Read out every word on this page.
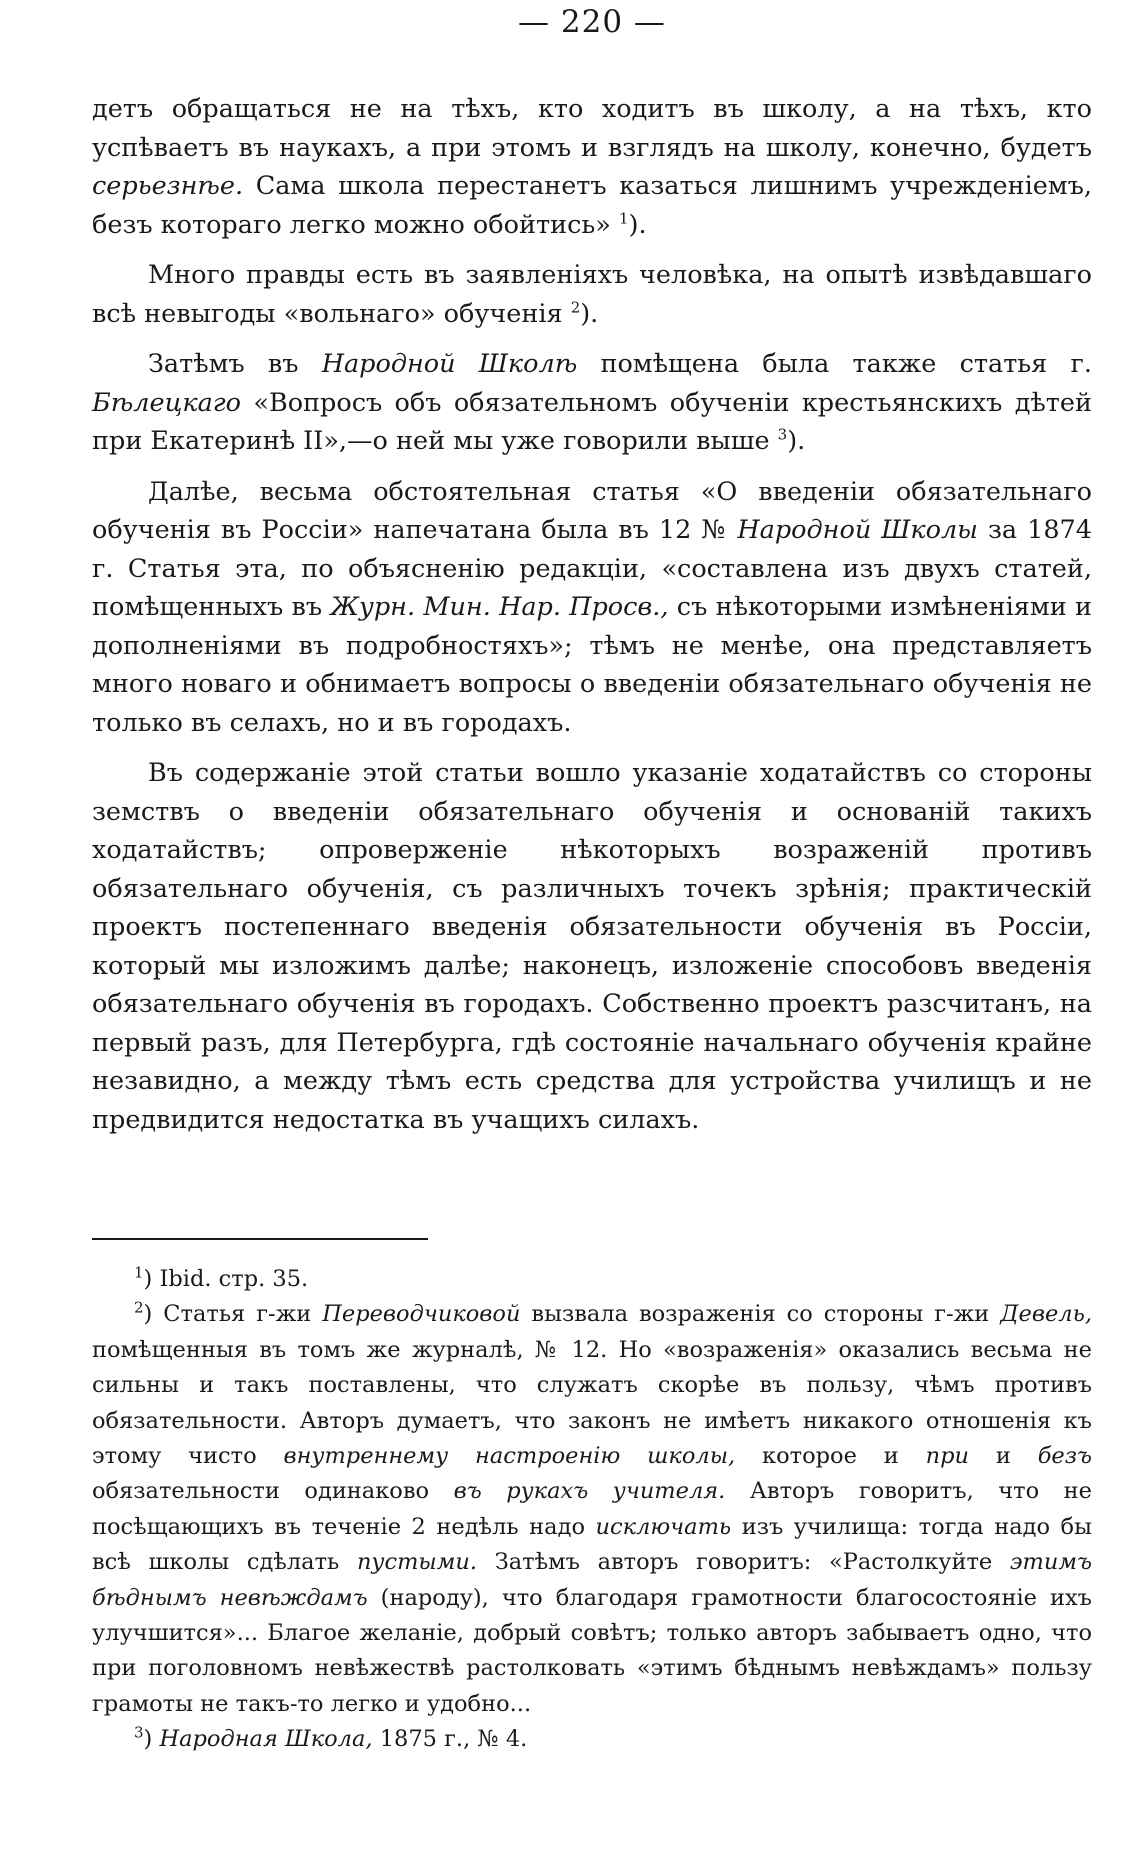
— 220 —

детъ обращаться не на тѣхъ, кто ходитъ въ школу, а на тѣхъ, кто успѣваетъ въ наукахъ, а при этомъ и взглядъ на школу, конечно, будетъ серьезнѣе. Сама школа перестанетъ казаться лишнимъ учрежденіемъ, безъ котораго легко можно обойтись» $^1$).

Много правды есть въ заявленіяхъ человѣка, на опытѣ извѣдавшаго всѣ невыгоды «вольнаго» обученія $^2$).

Затѣмъ въ Народной Школѣ помѣщена была также статья г. Бѣлецкаго «Вопросъ объ обязательномъ обученіи крестьянскихъ дѣтей при Екатеринѣ II»,—о ней мы уже говорили выше $^3$).

Далѣе, весьма обстоятельная статья «О введеніи обязательнаго обученія въ Россіи» напечатана была въ 12 № Народной Школы за 1874 г. Статья эта, по объясненію редакціи, «составлена изъ двухъ статей, помѣщенныхъ въ Журн. Мин. Нар. Просв., съ нѣкоторыми измѣненіями и дополненіями въ подробностяхъ»; тѣмъ не менѣе, она представляетъ много новаго и обнимаетъ вопросы о введеніи обязательнаго обученія не только въ селахъ, но и въ городахъ.

Въ содержаніе этой статьи вошло указаніе ходатайствъ со стороны земствъ о введеніи обязательнаго обученія и основаній такихъ ходатайствъ; опроверженіе нѣкоторыхъ возраженій противъ обязательнаго обученія, съ различныхъ точекъ зрѣнія; практическій проектъ постепеннаго введенія обязательности обученія въ Россіи, который мы изложимъ далѣе; наконецъ, изложеніе способовъ введенія обязательнаго обученія въ городахъ. Собственно проектъ разсчитанъ, на первый разъ, для Петербурга, гдѣ состояніе начальнаго обученія крайне незавидно, а между тѣмъ есть средства для устройства училищъ и не предвидится недостатка въ учащихъ силахъ.

$^1$) Ibid. стр. 35.

$^2$) Статья г-жи Переводчиковой вызвала возраженія со стороны г-жи Девель, помѣщенныя въ томъ же журналѣ, № 12. Но «возраженія» оказались весьма не сильны и такъ поставлены, что служатъ скорѣе въ пользу, чѣмъ противъ обязательности. Авторъ думаетъ, что законъ не имѣетъ никакого отношенія къ этому чисто внутреннему настроенію школы, которое и при и безъ обязательности одинаково въ рукахъ учителя. Авторъ говоритъ, что не посѣщающихъ въ теченіе 2 недѣль надо исключать изъ училища: тогда надо бы всѣ школы сдѣлать пустыми. Затѣмъ авторъ говоритъ: «Растолкуйте этимъ бѣднымъ невѣждамъ (народу), что благодаря грамотности благосостояніе ихъ улучшится»... Благое желаніе, добрый совѣтъ; только авторъ забываетъ одно, что при поголовномъ невѣжествѣ растолковать «этимъ бѣднымъ невѣждамъ» пользу грамоты не такъ-то легко и удобно...

$^3$) Народная Школа, 1875 г., № 4.
